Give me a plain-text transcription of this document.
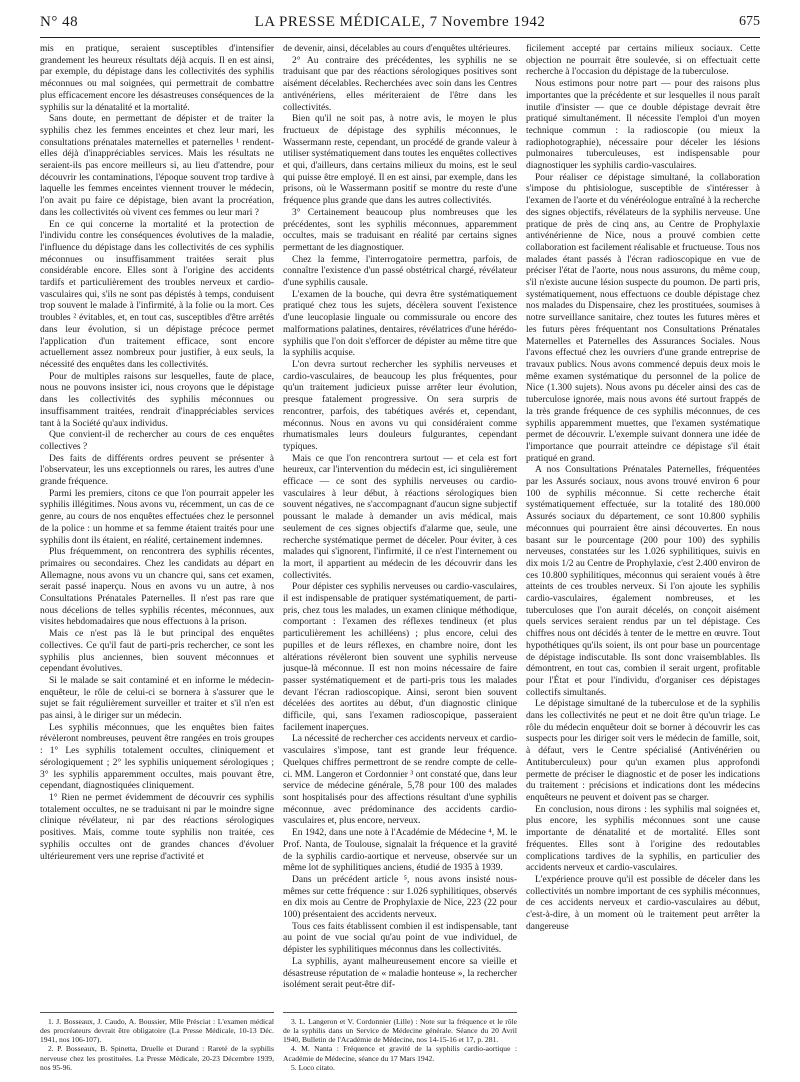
N° 48	LA PRESSE MÉDICALE, 7 Novembre 1942	675

mis en pratique, seraient susceptibles d'intensifier grandement les heureux résultats déjà acquis. Il en est ainsi, par exemple, du dépistage dans les collectivités des syphilis méconnues ou mal soignées, qui permettrait de combattre plus efficacement encore les désastreuses conséquences de la syphilis sur la dénatalité et la mortalité.

Sans doute, en permettant de dépister et de traiter la syphilis chez les femmes enceintes et chez leur mari, les consultations prénatales maternelles et paternelles ¹ rendent-elles déjà d'inappréciables services. Mais les résultats ne seraient-ils pas encore meilleurs si, au lieu d'attendre, pour découvrir les contaminations, l'époque souvent trop tardive à laquelle les femmes enceintes viennent trouver le médecin, l'on avait pu faire ce dépistage, bien avant la procréation, dans les collectivités où vivent ces femmes ou leur mari ?

En ce qui concerne la mortalité et la protection de l'individu contre les conséquences évolutives de la maladie, l'influence du dépistage dans les collectivités de ces syphilis méconnues ou insuffisamment traitées serait plus considérable encore. Elles sont à l'origine des accidents tardifs et particulièrement des troubles nerveux et cardio-vasculaires qui, s'ils ne sont pas dépistés à temps, conduisent trop souvent le malade à l'infirmité, à la folie ou la mort. Ces troubles ² évitables, et, en tout cas, susceptibles d'être arrêtés dans leur évolution, si un dépistage précoce permet l'application d'un traitement efficace, sont encore actuellement assez nombreux pour justifier, à eux seuls, la nécessité des enquêtes dans les collectivités.

Pour de multiples raisons sur lesquelles, faute de place, nous ne pouvons insister ici, nous croyons que le dépistage dans les collectivités des syphilis méconnues ou insuffisamment traitées, rendrait d'inappréciables services tant à la Société qu'aux individus.

Que convient-il de rechercher au cours de ces enquêtes collectives ?

Des faits de différents ordres peuvent se présenter à l'observateur, les uns exceptionnels ou rares, les autres d'une grande fréquence.

Parmi les premiers, citons ce que l'on pourrait appeler les syphilis illégitimes. Nous avons vu, récemment, un cas de ce genre, au cours de nos enquêtes effectuées chez le personnel de la police : un homme et sa femme étaient traités pour une syphilis dont ils étaient, en réalité, certainement indemnes.

Plus fréquemment, on rencontrera des syphilis récentes, primaires ou secondaires. Chez les candidats au départ en Allemagne, nous avons vu un chancre qui, sans cet examen, serait passé inaperçu. Nous en avons vu un autre, à nos Consultations Prénatales Paternelles. Il n'est pas rare que nous décelions de telles syphilis récentes, méconnues, aux visites hebdomadaires que nous effectuons à la prison.

Mais ce n'est pas là le but principal des enquêtes collectives. Ce qu'il faut de parti-pris rechercher, ce sont les syphilis plus anciennes, bien souvent méconnues et cependant évolutives.

Si le malade se sait contaminé et en informe le médecin-enquêteur, le rôle de celui-ci se bornera à s'assurer que le sujet se fait régulièrement surveiller et traiter et s'il n'en est pas ainsi, à le diriger sur un médecin.

Les syphilis méconnues, que les enquêtes bien faites révèleront nombreuses, peuvent être rangées en trois groupes : 1° Les syphilis totalement occultes, cliniquement et sérologiquement ; 2° les syphilis uniquement sérologiques ; 3° les syphilis apparemment occultes, mais pouvant être, cependant, diagnostiquées cliniquement.

1° Rien ne permet évidemment de découvrir ces syphilis totalement occultes, ne se traduisant ni par le moindre signe clinique révélateur, ni par des réactions sérologiques positives. Mais, comme toute syphilis non traitée, ces syphilis occultes ont de grandes chances d'évoluer ultérieurement vers une reprise d'activité et

1. J. Bosseaux, J. Caudo, A. Boussier, Mlle Présciat : L'examen médical des procréateurs devrait être obligatoire (La Presse Médicale, 10-13 Déc. 1941, nos 106-107).

2. P. Bosseaux, B. Spinetta, Druelle et Durand : Rareté de la syphilis nerveuse chez les prostituées. La Presse Médicale, 20-23 Décembre 1939, nos 95-96.

de devenir, ainsi, décelables au cours d'enquêtes ultérieures.

2° Au contraire des précédentes, les syphilis ne se traduisant que par des réactions sérologiques positives sont aisément décelables. Recherchées avec soin dans les Centres antivénériens, elles mériteraient de l'être dans les collectivités.

Bien qu'il ne soit pas, à notre avis, le moyen le plus fructueux de dépistage des syphilis méconnues, le Wassermann reste, cependant, un procédé de grande valeur à utiliser systématiquement dans toutes les enquêtes collectives et qui, d'ailleurs, dans certains milieux du moins, est le seul qui puisse être employé. Il en est ainsi, par exemple, dans les prisons, où le Wassermann positif se montre du reste d'une fréquence plus grande que dans les autres collectivités.

3° Certainement beaucoup plus nombreuses que les précédentes, sont les syphilis méconnues, apparemment occultes, mais se traduisant en réalité par certains signes permettant de les diagnostiquer.

Chez la femme, l'interrogatoire permettra, parfois, de connaître l'existence d'un passé obstétrical chargé, révélateur d'une syphilis causale.

L'examen de la bouche, qui devra être systématiquement pratiqué chez tous les sujets, décèlera souvent l'existence d'une leucoplasie linguale ou commissurale ou encore des malformations palatines, dentaires, révélatrices d'une hérédo-syphilis que l'on doit s'efforcer de dépister au même titre que la syphilis acquise.

L'on devra surtout rechercher les syphilis nerveuses et cardio-vasculaires, de beaucoup les plus fréquentes, pour qu'un traitement judicieux puisse arrêter leur évolution, presque fatalement progressive. On sera surpris de rencontrer, parfois, des tabétiques avérés et, cependant, méconnus. Nous en avons vu qui considéraient comme rhumatismales leurs douleurs fulgurantes, cependant typiques.

Mais ce que l'on rencontrera surtout — et cela est fort heureux, car l'intervention du médecin est, ici singulièrement efficace — ce sont des syphilis nerveuses ou cardio-vasculaires à leur début, à réactions sérologiques bien souvent négatives, ne s'accompagnant d'aucun signe subjectif poussant le malade à demander un avis médical, mais seulement de ces signes objectifs d'alarme que, seule, une recherche systématique permet de déceler. Pour éviter, à ces malades qui s'ignorent, l'infirmité, il ce n'est l'internement ou la mort, il appartient au médecin de les découvrir dans les collectivités.

Pour dépister ces syphilis nerveuses ou cardio-vasculaires, il est indispensable de pratiquer systématiquement, de parti-pris, chez tous les malades, un examen clinique méthodique, comportant : l'examen des réflexes tendineux (et plus particulièrement les achilléens) ; plus encore, celui des pupilles et de leurs réflexes, en chambre noire, dont les altérations révèleront bien souvent une syphilis nerveuse jusque-là méconnue. Il est non moins nécessaire de faire passer systématiquement et de parti-pris tous les malades devant l'écran radioscopique. Ainsi, seront bien souvent décelées des aortites au début, d'un diagnostic clinique difficile, qui, sans l'examen radioscopique, passeraient facilement inaperçues.

La nécessité de rechercher ces accidents nerveux et cardio-vasculaires s'impose, tant est grande leur fréquence. Quelques chiffres permettront de se rendre compte de celle-ci. MM. Langeron et Cordonnier ³ ont constaté que, dans leur service de médecine générale, 5,78 pour 100 des malades sont hospitalisés pour des affections résultant d'une syphilis méconnue, avec prédominance des accidents cardio-vasculaires et, plus encore, nerveux.

En 1942, dans une note à l'Académie de Médecine ⁴, M. le Prof. Nanta, de Toulouse, signalait la fréquence et la gravité de la syphilis cardio-aortique et nerveuse, observée sur un même lot de syphilitiques anciens, étudié de 1935 à 1939.

Dans un précédent article ⁵, nous avons insisté nous-mêmes sur cette fréquence : sur 1.026 syphilitiques, observés en dix mois au Centre de Prophylaxie de Nice, 223 (22 pour 100) présentaient des accidents nerveux.

Tous ces faits établissent combien il est indispensable, tant au point de vue social qu'au point de vue individuel, de dépister les syphilitiques méconnus dans les collectivités.

La syphilis, ayant malheureusement encore sa vieille et désastreuse réputation de « maladie honteuse », la rechercher isolément serait peut-être dif-

3. L. Langeron et V. Cordonnier (Lille) : Note sur la fréquence et le rôle de la syphilis dans un Service de Médecine générale. Séance du 20 Avril 1940, Bulletin de l'Académie de Médecine, nos 14-15-16 et 17, p. 281.

4. M. Nanta : Fréquence et gravité de la syphilis cardio-aortique : Académie de Médecine, séance du 17 Mars 1942.

5. Loco citato.

ficilement accepté par certains milieux sociaux. Cette objection ne pourrait être soulevée, si on effectuait cette recherche à l'occasion du dépistage de la tuberculose.

Nous estimons pour notre part — pour des raisons plus importantes que la précédente et sur lesquelles il nous paraît inutile d'insister — que ce double dépistage devrait être pratiqué simultanément. Il nécessite l'emploi d'un moyen technique commun : la radioscopie (ou mieux la radiophotographie), nécessaire pour déceler les lésions pulmonaires tuberculeuses, est indispensable pour diagnostiquer les syphilis cardio-vasculaires.

Pour réaliser ce dépistage simultané, la collaboration s'impose du phtisiologue, susceptible de s'intéresser à l'examen de l'aorte et du vénéréologue entraîné à la recherche des signes objectifs, révélateurs de la syphilis nerveuse. Une pratique de près de cinq ans, au Centre de Prophylaxie antivénérienne de Nice, nous a prouvé combien cette collaboration est facilement réalisable et fructueuse. Tous nos malades étant passés à l'écran radioscopique en vue de préciser l'état de l'aorte, nous nous assurons, du même coup, s'il n'existe aucune lésion suspecte du poumon. De parti pris, systématiquement, nous effectuons ce double dépistage chez nos malades du Dispensaire, chez les prostituées, soumises à notre surveillance sanitaire, chez toutes les futures mères et les futurs pères fréquentant nos Consultations Prénatales Maternelles et Paternelles des Assurances Sociales. Nous l'avons effectué chez les ouvriers d'une grande entreprise de travaux publics. Nous avons commencé depuis deux mois le même examen systématique du personnel de la police de Nice (1.300 sujets). Nous avons pu déceler ainsi des cas de tuberculose ignorée, mais nous avons été surtout frappés de la très grande fréquence de ces syphilis méconnues, de ces syphilis apparemment muettes, que l'examen systématique permet de découvrir. L'exemple suivant donnera une idée de l'importance que pourrait atteindre ce dépistage s'il était pratiqué en grand.

A nos Consultations Prénatales Paternelles, fréquentées par les Assurés sociaux, nous avons trouvé environ 6 pour 100 de syphilis méconnue. Si cette recherche était systématiquement effectuée, sur la totalité des 180.000 Assurés sociaux du département, ce sont 10.800 syphilis méconnues qui pourraient être ainsi découvertes. En nous basant sur le pourcentage (200 pour 100) des syphilis nerveuses, constatées sur les 1.026 syphilitiques, suivis en dix mois 1/2 au Centre de Prophylaxie, c'est 2.400 environ de ces 10.800 syphilitiques, méconnus qui seraient voués à être atteints de ces troubles nerveux. Si l'on ajoute les syphilis cardio-vasculaires, également nombreuses, et les tuberculoses que l'on aurait décelés, on conçoit aisément quels services seraient rendus par un tel dépistage. Ces chiffres nous ont décidés à tenter de le mettre en œuvre. Tout hypothétiques qu'ils soient, ils ont pour base un pourcentage de dépistage indiscutable. Ils sont donc vraisemblables. Ils démontrent, en tout cas, combien il serait urgent, profitable pour l'État et pour l'individu, d'organiser ces dépistages collectifs simultanés.

Le dépistage simultané de la tuberculose et de la syphilis dans les collectivités ne peut et ne doit être qu'un triage. Le rôle du médecin enquêteur doit se borner à découvrir les cas suspects pour les diriger soit vers le médecin de famille, soit, à défaut, vers le Centre spécialisé (Antivénérien ou Antituberculeux) pour qu'un examen plus approfondi permette de préciser le diagnostic et de poser les indications du traitement : précisions et indications dont les médecins enquêteurs ne peuvent et doivent pas se charger.

En conclusion, nous dirons : les syphilis mal soignées et, plus encore, les syphilis méconnues sont une cause importante de dénatalité et de mortalité. Elles sont fréquentes. Elles sont à l'origine des redoutables complications tardives de la syphilis, en particulier des accidents nerveux et cardio-vasculaires.

L'expérience prouve qu'il est possible de déceler dans les collectivités un nombre important de ces syphilis méconnues, de ces accidents nerveux et cardio-vasculaires au début, c'est-à-dire, à un moment où le traitement peut arrêter la dangereuse
